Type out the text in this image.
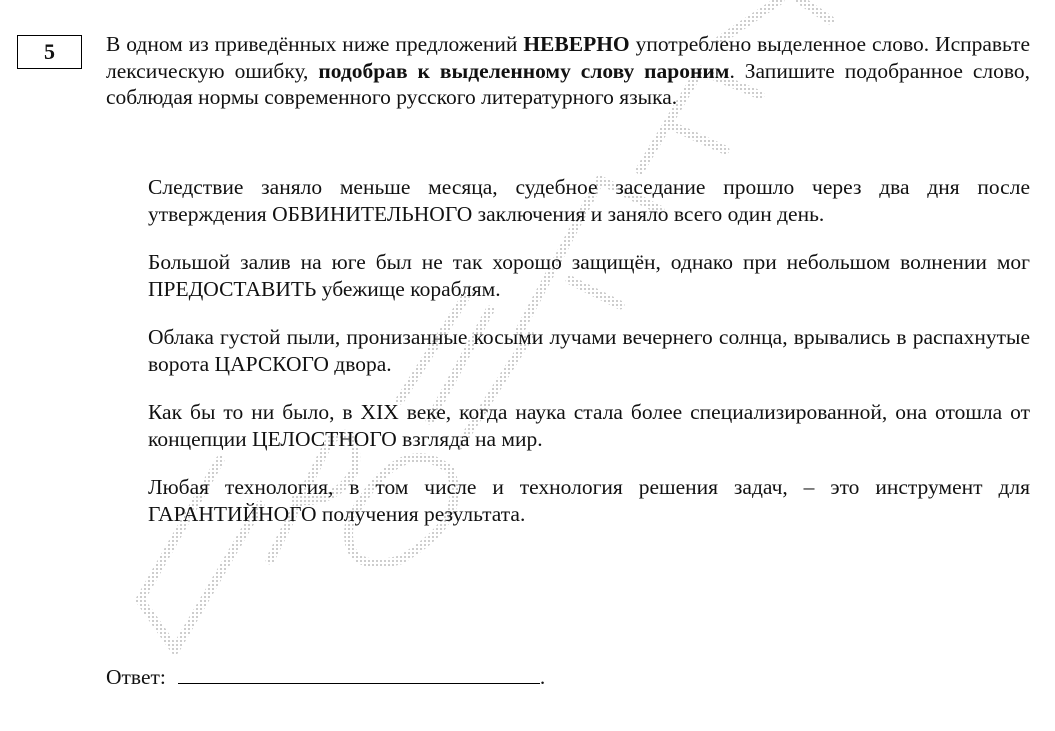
5 В одном из приведённых ниже предложений НЕВЕРНО употреблено выделенное слово. Исправьте лексическую ошибку, подобрав к выделенному слову пароним. Запишите подобранное слово, соблюдая нормы современного русского литературного языка.

Следствие заняло меньше месяца, судебное заседание прошло через два дня после утверждения ОБВИНИТЕЛЬНОГО заключения и заняло всего один день.

Большой залив на юге был не так хорошо защищён, однако при небольшом волнении мог ПРЕДОСТАВИТЬ убежище кораблям.

Облака густой пыли, пронизанные косыми лучами вечернего солнца, врывались в распахнутые ворота ЦАРСКОГО двора.

Как бы то ни было, в XIX веке, когда наука стала более специализированной, она отошла от концепции ЦЕЛОСТНОГО взгляда на мир.

Любая технология, в том числе и технология решения задач, – это инструмент для ГАРАНТИЙНОГО получения результата.

Ответ:	.
